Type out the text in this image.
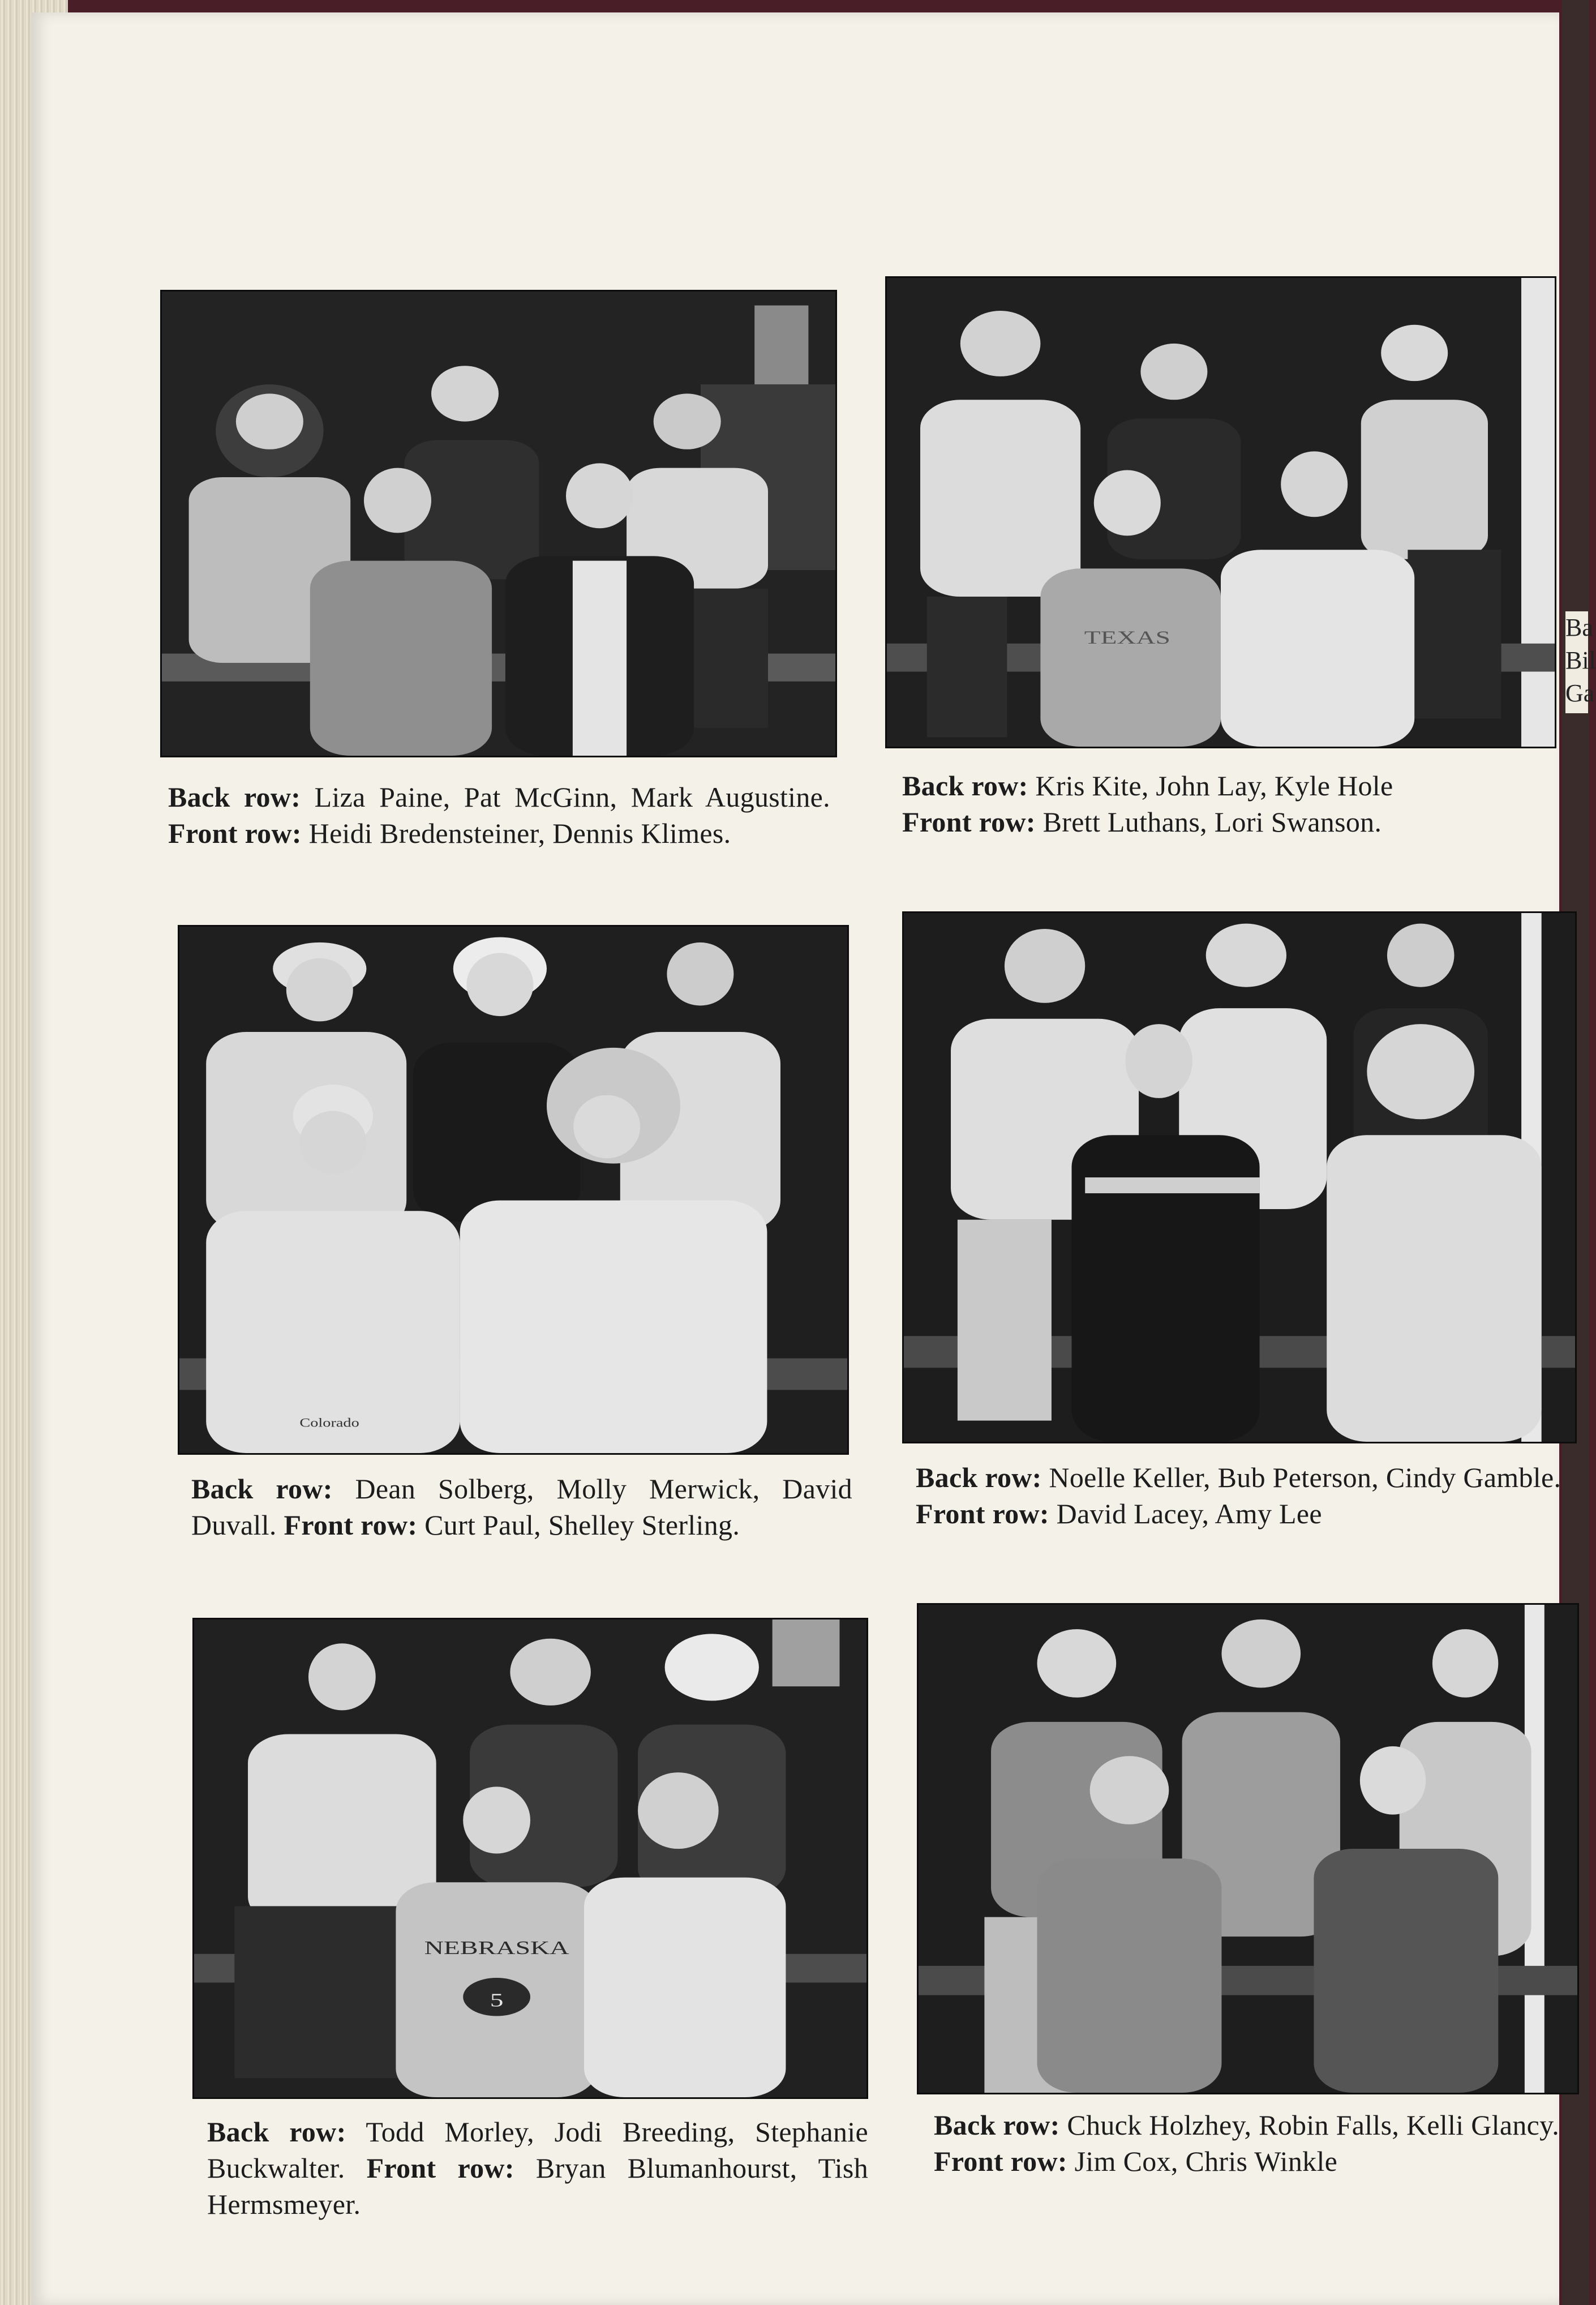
Ba Bil Ga
Back row: Liza Paine, Pat McGinn, Mark Augustine. Front row: Heidi Bredensteiner, Dennis Klimes.
TEXAS
Back row: Kris Kite, John Lay, Kyle Hole
Front row: Brett Luthans, Lori Swanson.
Colorado
Back row: Dean Solberg, Molly Merwick, David Duvall. Front row: Curt Paul, Shelley Sterling.
Back row: Noelle Keller, Bub Peterson, Cindy Gamble. Front row: David Lacey, Amy Lee
NEBRASKA
5
Back row: Todd Morley, Jodi Breeding, Stephanie Buckwalter. Front row: Bryan Blumanhourst, Tish Hermsmeyer.
Back row: Chuck Holzhey, Robin Falls, Kelli Glancy. Front row: Jim Cox, Chris Winkle
